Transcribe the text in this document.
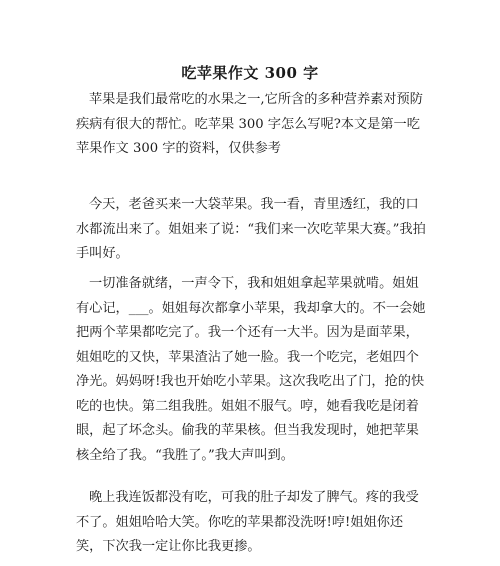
吃苹果作文 300 字

苹果是我们最常吃的水果之一,它所含的多种营养素对预防疾病有很大的帮忙。吃苹果 300 字怎么写呢?本文是第一吃苹果作文 300 字的资料，仅供参考

今天，老爸买来一大袋苹果。我一看，青里透红，我的口水都流出来了。姐姐来了说：“我们来一次吃苹果大赛。”我拍手叫好。

一切准备就绪，一声令下，我和姐姐拿起苹果就啃。姐姐有心记，___。姐姐每次都拿小苹果，我却拿大的。不一会她把两个苹果都吃完了。我一个还有一大半。因为是面苹果，姐姐吃的又快，苹果渣沾了她一脸。我一个吃完，老姐四个净光。妈妈呀!我也开始吃小苹果。这次我吃出了门，抢的快吃的也快。第二组我胜。姐姐不服气。哼，她看我吃是闭着眼，起了坏念头。偷我的苹果核。但当我发现时，她把苹果核全给了我。“我胜了。”我大声叫到。

晚上我连饭都没有吃，可我的肚子却发了脾气。疼的我受不了。姐姐哈哈大笑。你吃的苹果都没洗呀!哼!姐姐你还笑，下次我一定让你比我更掺。
